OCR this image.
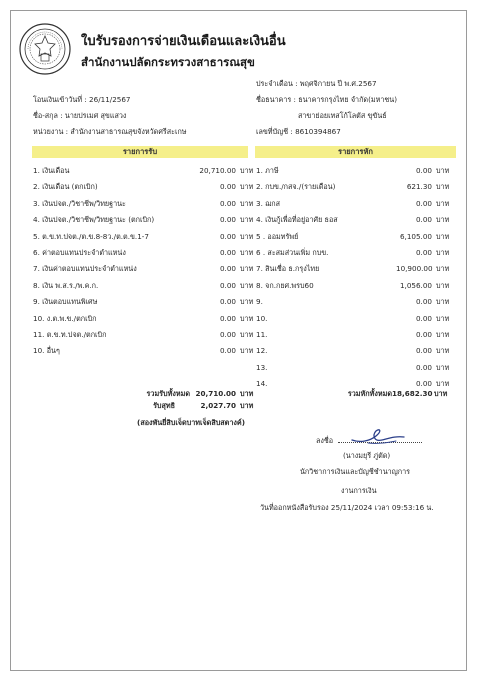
ใบรับรองการจ่ายเงินเดือนและเงินอื่น
สำนักงานปลัดกระทรวงสาธารณสุข
โอนเงินเข้าวันที่ : 26/11/2567
ชื่อ-สกุล : นายปรเมศ สุขแสวง
หน่วยงาน : สำนักงานสาธารณสุขจังหวัดศรีสะเกษ
ประจำเดือน : พฤศจิกายน ปี พ.ศ.2567
ชื่อธนาคาร : ธนาคารกรุงไทย จำกัด(มหาชน)
สาขาย่อยเทสโก้โลตัส ขุขันธ์
เลขที่บัญชี : 8610394867
รายการรับ	รายการหัก
1. เงินเดือน	20,710.00 บาท
2. เงินเดือน (ตกเบิก)	0.00 บาท
3. เงินปจต./วิชาชีพ/วิทยฐานะ	0.00 บาท
4. เงินปจต./วิชาชีพ/วิทยฐานะ (ตกเบิก)	0.00 บาท
5. ต.ข.ท.ปจต./ต.ข.8-8ว./ต.ต.ข.1-7	0.00 บาท
6. ค่าตอบแทนประจำตำแหน่ง	0.00 บาท
7. เงินค่าตอบแทนประจำตำแหน่ง	0.00 บาท
8. เงิน พ.ส.ร./พ.ค.ก.	0.00 บาท
9. เงินตอบแทนพิเศษ	0.00 บาท
10. ง.ต.พ.ข./ตกเบิก	0.00 บาท
11. ต.ข.ท.ปจต./ตกเบิก	0.00 บาท
10. อื่นๆ	0.00 บาท
1. ภาษี	0.00 บาท
2. กบข./กสจ./(รายเดือน)	621.30 บาท
3. ฌกส	0.00 บาท
4. เงินกู้เพื่อที่อยู่อาศัย ธอส	0.00 บาท
5 . ออมทรัพย์	6,105.00 บาท
6 . สะสมส่วนเพิ่ม กบข.	0.00 บาท
7. สินเชื่อ ธ.กรุงไทย	10,900.00 บาท
8. จก.กยศ.พรบ60	1,056.00 บาท
9.	0.00 บาท
10.	0.00 บาท
11.	0.00 บาท
12.	0.00 บาท
13.	0.00 บาท
14.	0.00 บาท
รวมรับทั้งหมด 20,710.00 บาท
รับสุทธิ	2,027.70 บาท
(สองพันยี่สิบเจ็ดบาทเจ็ดสิบสตางค์)
รวมหักทั้งหมด 18,682.30 บาท
ลงชื่อ
(นางมยุรี ภู่ตัด)
นักวิชาการเงินและบัญชีชำนาญการ
งานการเงิน
วันที่ออกหนังสือรับรอง 25/11/2024 เวลา 09:53:16 น.
